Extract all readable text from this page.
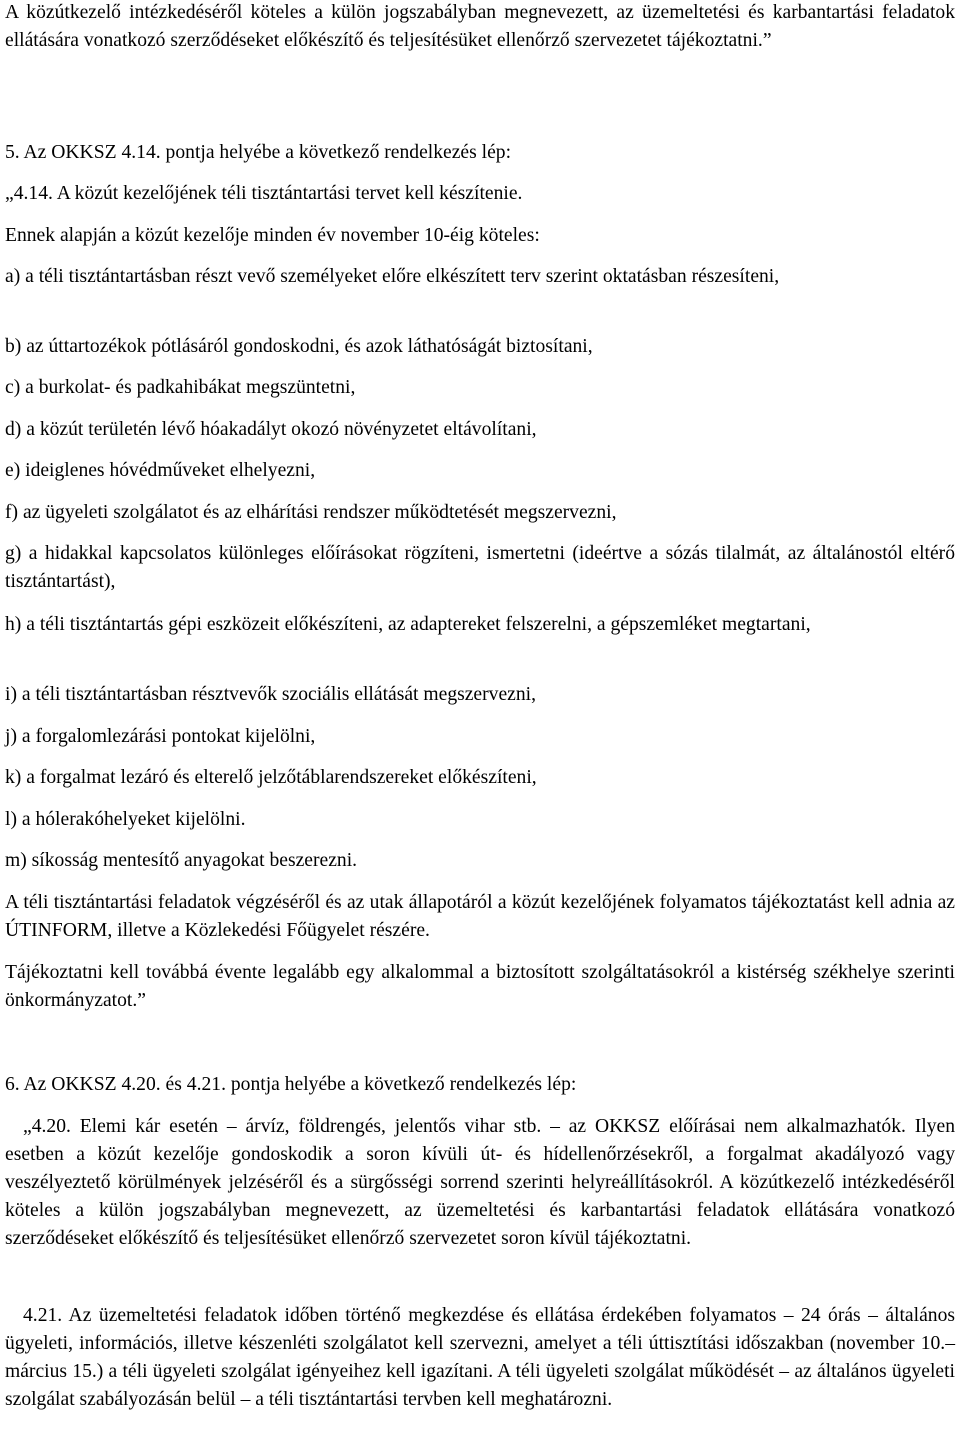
A közútkezelő intézkedéséről köteles a külön jogszabályban megnevezett, az üzemeltetési és karbantartási feladatok ellátására vonatkozó szerződéseket előkészítő és teljesítésüket ellenőrző szervezetet tájékoztatni.”

5. Az OKKSZ 4.14. pontja helyébe a következő rendelkezés lép:

„4.14. A közút kezelőjének téli tisztántartási tervet kell készítenie.

Ennek alapján a közút kezelője minden év november 10-éig köteles:

a) a téli tisztántartásban részt vevő személyeket előre elkészített terv szerint oktatásban részesíteni,

b) az úttartozékok pótlásáról gondoskodni, és azok láthatóságát biztosítani,

c) a burkolat- és padkahibákat megszüntetni,

d) a közút területén lévő hóakadályt okozó növényzetet eltávolítani,

e) ideiglenes hóvédműveket elhelyezni,

f) az ügyeleti szolgálatot és az elhárítási rendszer működtetését megszervezni,

g) a hidakkal kapcsolatos különleges előírásokat rögzíteni, ismertetni (ideértve a sózás tilalmát, az általánostól eltérő tisztántartást),

h) a téli tisztántartás gépi eszközeit előkészíteni, az adaptereket felszerelni, a gépszemléket megtartani,

i) a téli tisztántartásban résztvevők szociális ellátását megszervezni,

j) a forgalomlezárási pontokat kijelölni,

k) a forgalmat lezáró és elterelő jelzőtáblarendszereket előkészíteni,

l) a hólerakóhelyeket kijelölni.

m) síkosság mentesítő anyagokat beszerezni.

A téli tisztántartási feladatok végzéséről és az utak állapotáról a közút kezelőjének folyamatos tájékoztatást kell adnia az ÚTINFORM, illetve a Közlekedési Főügyelet részére.

Tájékoztatni kell továbbá évente legalább egy alkalommal a biztosított szolgáltatásokról a kistérség székhelye szerinti önkormányzatot.”

6. Az OKKSZ 4.20. és 4.21. pontja helyébe a következő rendelkezés lép:

„4.20. Elemi kár esetén ‒ árvíz, földrengés, jelentős vihar stb. ‒ az OKKSZ előírásai nem alkalmazhatók. Ilyen esetben a közút kezelője gondoskodik a soron kívüli út- és hídellenőrzésekről, a forgalmat akadályozó vagy veszélyeztető körülmények jelzéséről és a sürgősségi sorrend szerinti helyreállításokról. A közútkezelő intézkedéséről köteles a külön jogszabályban megnevezett, az üzemeltetési és karbantartási feladatok ellátására vonatkozó szerződéseket előkészítő és teljesítésüket ellenőrző szervezetet soron kívül tájékoztatni.

4.21. Az üzemeltetési feladatok időben történő megkezdése és ellátása érdekében folyamatos ‒ 24 órás ‒ általános ügyeleti, információs, illetve készenléti szolgálatot kell szervezni, amelyet a téli úttisztítási időszakban (november 10.‒március 15.) a téli ügyeleti szolgálat igényeihez kell igazítani. A téli ügyeleti szolgálat működését ‒ az általános ügyeleti szolgálat szabályozásán belül ‒ a téli tisztántartási tervben kell meghatározni.
